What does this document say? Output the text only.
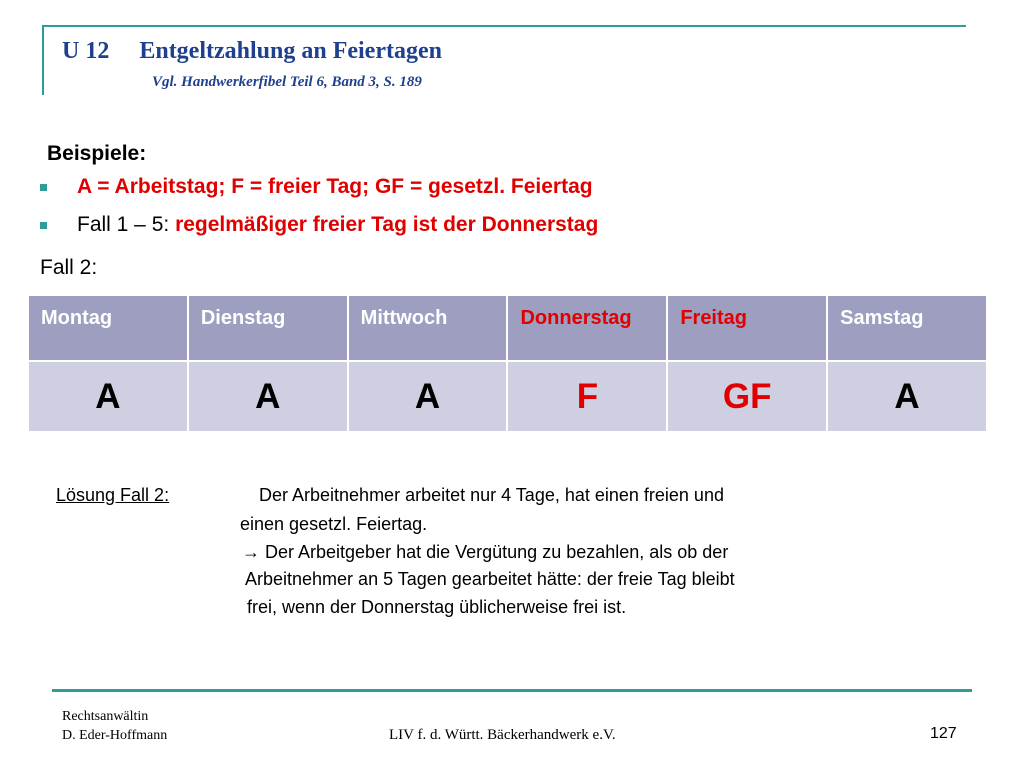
U 12     Entgeltzahlung an Feiertagen
Vgl. Handwerkerfibel Teil 6, Band 3, S. 189
Beispiele:
A = Arbeitstag; F = freier Tag; GF = gesetzl. Feiertag
Fall 1 – 5: regelmäßiger freier Tag ist der Donnerstag
Fall 2:
Montag	Dienstag	Mittwoch	Donnerstag	Freitag	Samstag
A	A	A	F	GF	A
Lösung Fall 2:	Der Arbeitnehmer arbeitet nur 4 Tage, hat einen freien und
einen gesetzl. Feiertag.
→ Der Arbeitgeber hat die Vergütung zu bezahlen, als ob der
Arbeitnehmer an 5 Tagen gearbeitet hätte: der freie Tag bleibt
frei, wenn der Donnerstag üblicherweise frei ist.
Rechtsanwältin
D. Eder-Hoffmann	LIV f. d. Württ. Bäckerhandwerk e.V.	127
